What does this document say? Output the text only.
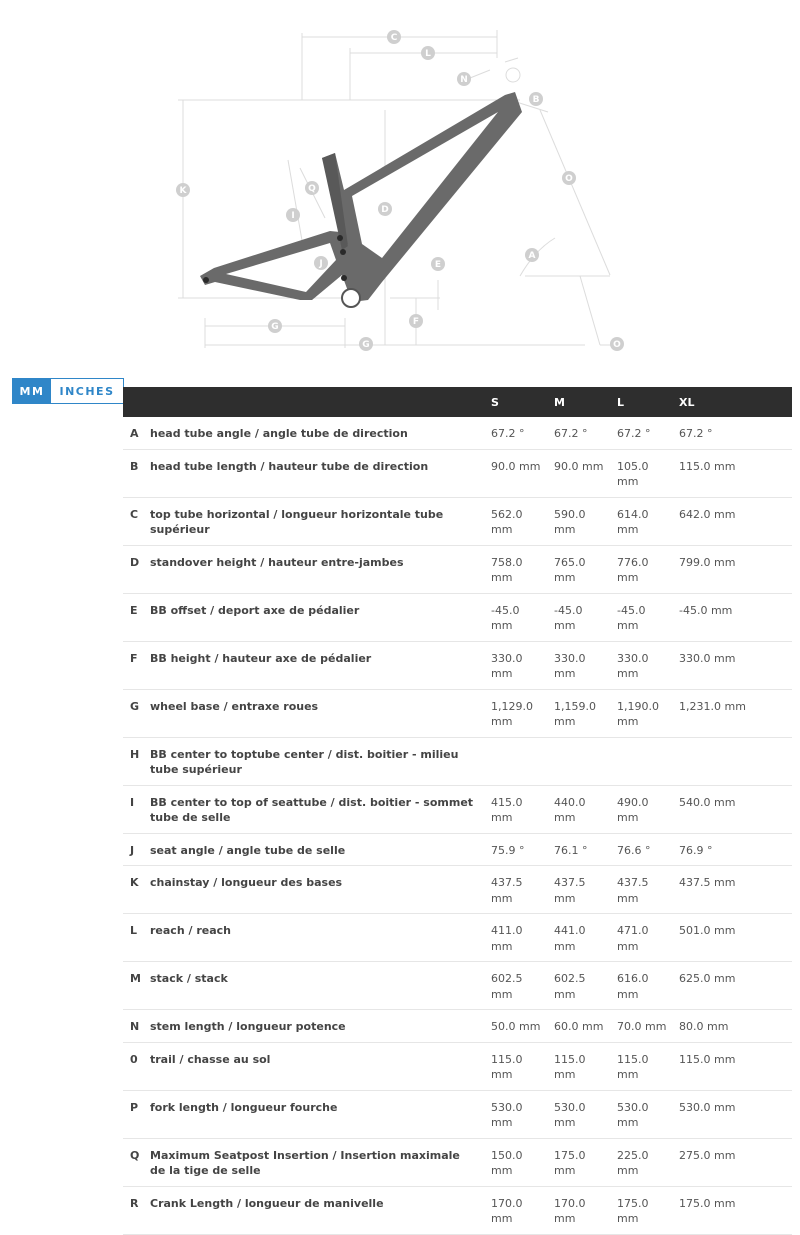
C
L
N
B
K
O
Q
D
I
A
J	E
F
G
G	O
MM	INCHES
		S	M	L	XL

A	head tube angle / angle tube de direction	67.2 °	67.2 °	67.2 °	67.2 °

B	head tube length / hauteur tube de direction	90.0 mm	90.0 mm	105.0 mm	115.0 mm

C	top tube horizontal / longueur horizontale tube supérieur	562.0 mm	590.0 mm	614.0 mm	642.0 mm

D	standover height / hauteur entre-jambes	758.0 mm	765.0 mm	776.0 mm	799.0 mm

E	BB offset / deport axe de pédalier	-45.0 mm	-45.0 mm	-45.0 mm	-45.0 mm

F	BB height / hauteur axe de pédalier	330.0 mm	330.0 mm	330.0 mm	330.0 mm

G	wheel base / entraxe roues	1,129.0 mm	1,159.0 mm	1,190.0 mm	1,231.0 mm

H	BB center to toptube center / dist. boitier - milieu tube supérieur				

I	BB center to top of seattube / dist. boitier - sommet tube de selle	415.0 mm	440.0 mm	490.0 mm	540.0 mm

J	seat angle / angle tube de selle	75.9 °	76.1 °	76.6 °	76.9 °

K	chainstay / longueur des bases	437.5 mm	437.5 mm	437.5 mm	437.5 mm

L	reach / reach	411.0 mm	441.0 mm	471.0 mm	501.0 mm

M	stack / stack	602.5 mm	602.5 mm	616.0 mm	625.0 mm

N	stem length / longueur potence	50.0 mm	60.0 mm	70.0 mm	80.0 mm

0	trail / chasse au sol	115.0 mm	115.0 mm	115.0 mm	115.0 mm

P	fork length / longueur fourche	530.0 mm	530.0 mm	530.0 mm	530.0 mm

Q	Maximum Seatpost Insertion / Insertion maximale de la tige de selle	150.0 mm	175.0 mm	225.0 mm	275.0 mm

R	Crank Length / longueur de manivelle	170.0 mm	170.0 mm	175.0 mm	175.0 mm
